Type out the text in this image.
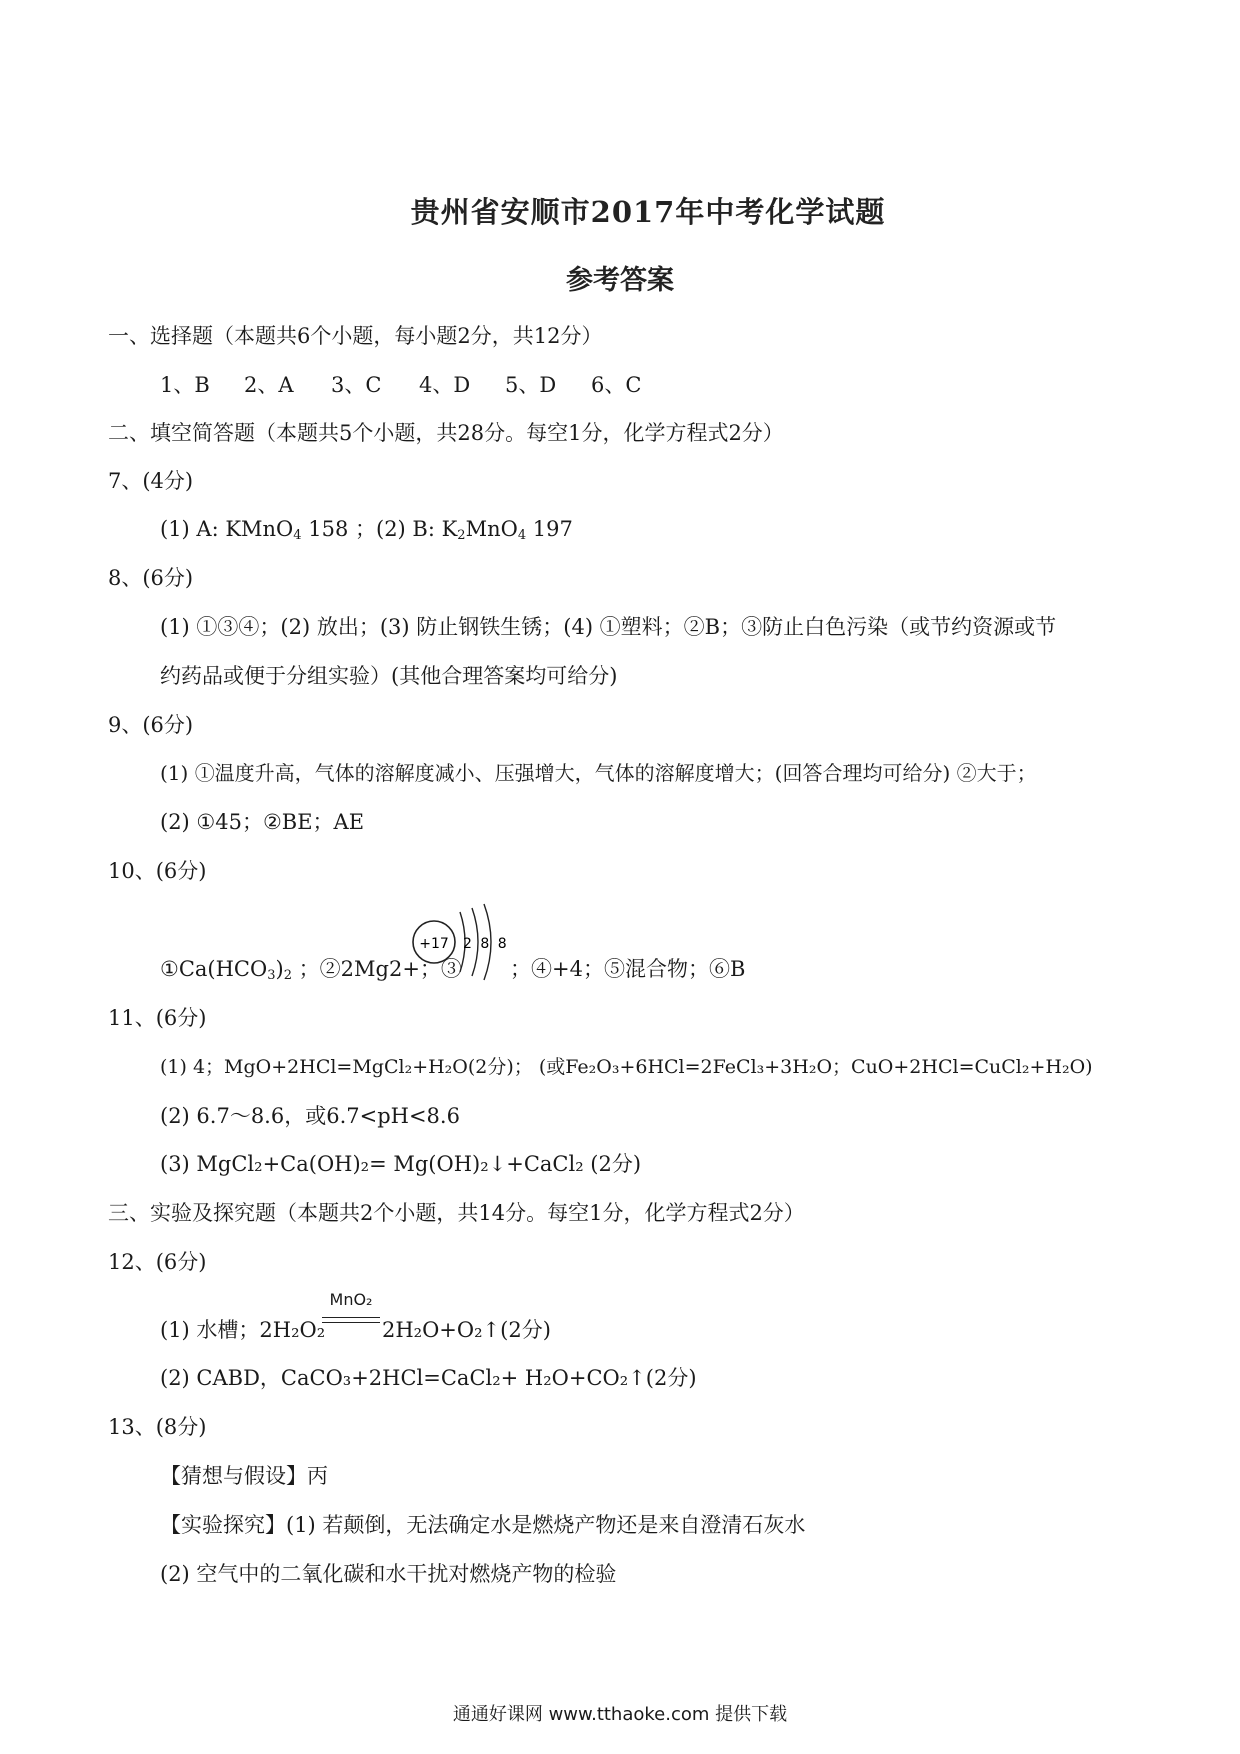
贵州省安顺市2017年中考化学试题
参考答案
一、选择题（本题共6个小题，每小题2分，共12分）
1、B 2、A 3、C 4、D 5、D 6、C
二、填空简答题（本题共5个小题，共28分。每空1分，化学方程式2分）
7、(4分)
(1) A: KMnO$_4$ 158 ；(2) B: $K_2MnO_4$ 197
8、(6分)
(1) ①③④；(2) 放出；(3) 防止钢铁生锈；(4) ①塑料；②B；③防止白色污染（或节约资源或节
约药品或便于分组实验）(其他合理答案均可给分)
9、(6分)
(1) ①温度升高，气体的溶解度减小、压强增大，气体的溶解度增大；(回答合理均可给分) ②大于；
(2) ①45；②BE；AE
10、(6分)
$①Ca(HCO_3)_2$ ；②2Mg2+；③
+17 2 8 8
；④+4；⑤混合物；⑥B
11、(6分)
(1) 4；MgO+2HCl=MgCl₂+H₂O(2分)； (或Fe₂O₃+6HCl=2FeCl₃+3H₂O；CuO+2HCl=CuCl₂+H₂O)
(2) 6.7～8.6，或6.7<pH<8.6
(3) MgCl₂+Ca(OH)₂= Mg(OH)₂↓+CaCl₂ (2分)
三、实验及探究题（本题共2个小题，共14分。每空1分，化学方程式2分）
12、(6分)
(1) 水槽；2H₂O₂
MnO₂
2H₂O+O₂↑(2分)
(2) CABD，CaCO₃+2HCl=CaCl₂+ H₂O+CO₂↑(2分)
13、(8分)
【猜想与假设】丙
【实验探究】(1) 若颠倒，无法确定水是燃烧产物还是来自澄清石灰水
(2) 空气中的二氧化碳和水干扰对燃烧产物的检验
通通好课网 www.tthaoke.com 提供下载
